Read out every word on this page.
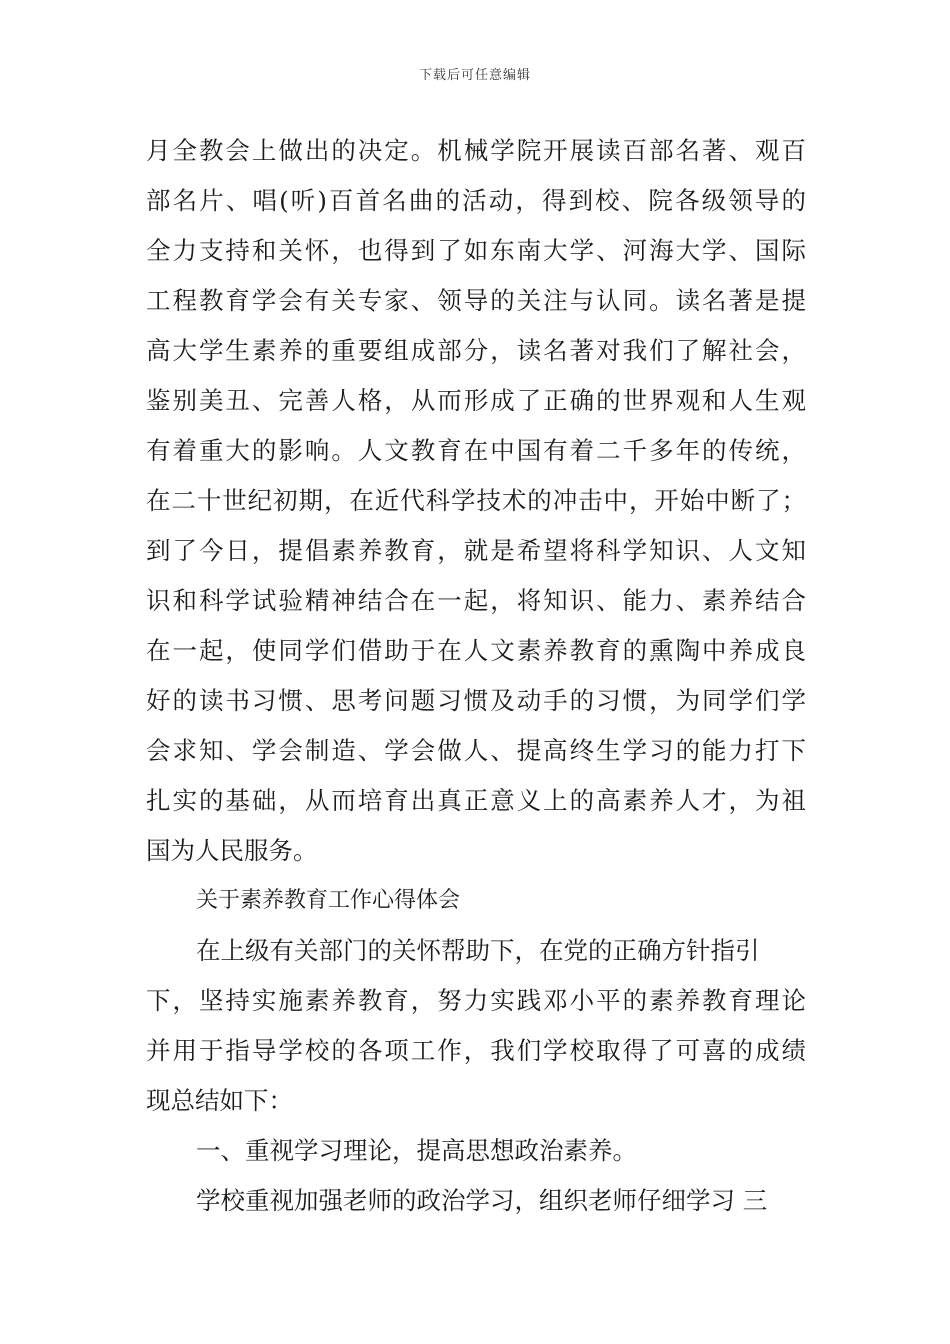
下载后可任意编辑
月全教会上做出的决定。机械学院开展读百部名著、观百
部名片、唱(听)百首名曲的活动，得到校、院各级领导的
全力支持和关怀，也得到了如东南大学、河海大学、国际
工程教育学会有关专家、领导的关注与认同。读名著是提
高大学生素养的重要组成部分，读名著对我们了解社会，
鉴别美丑、完善人格，从而形成了正确的世界观和人生观
有着重大的影响。人文教育在中国有着二千多年的传统，
在二十世纪初期，在近代科学技术的冲击中，开始中断了；
到了今日，提倡素养教育，就是希望将科学知识、人文知
识和科学试验精神结合在一起，将知识、能力、素养结合
在一起，使同学们借助于在人文素养教育的熏陶中养成良
好的读书习惯、思考问题习惯及动手的习惯，为同学们学
会求知、学会制造、学会做人、提高终生学习的能力打下
扎实的基础，从而培育出真正意义上的高素养人才，为祖
国为人民服务。
关于素养教育工作心得体会
在上级有关部门的关怀帮助下，在党的正确方针指引
下，坚持实施素养教育，努力实践邓小平的素养教育理论
并用于指导学校的各项工作，我们学校取得了可喜的成绩
现总结如下：
一、重视学习理论，提高思想政治素养。
学校重视加强老师的政治学习，组织老师仔细学习 三
